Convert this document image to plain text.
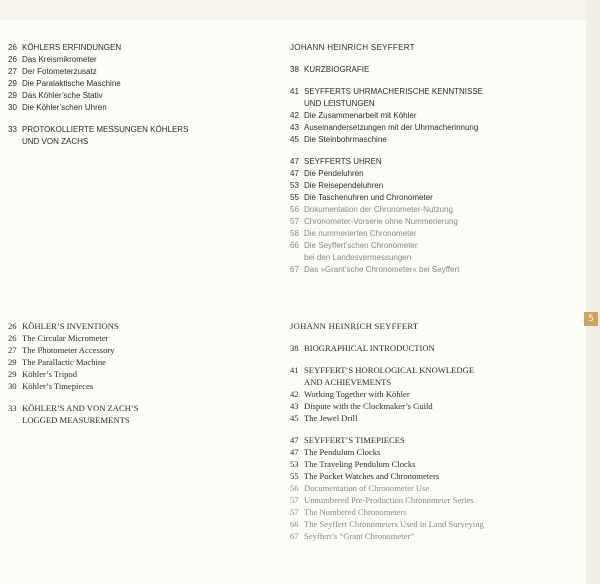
5
26 KÖHLERS ERFINDUNGEN
26 Das Kreismikrometer
27 Der Fotometerzusatz
29 Die Paralaktische Maschine
29 Das Köhler’sche Stativ
30 Die Köhler’schen Uhren
33 PROTOKOLLIERTE MESSUNGEN KÖHLERS
UND VON ZACHS
JOHANN HEINRICH SEYFFERT
38 KURZBIOGRAFIE
41 SEYFFERTS UHRMACHERISCHE KENNTNISSE
UND LEISTUNGEN
42 Die Zusammenarbeit mit Köhler
43 Auseinandersetzungen mit der Uhrmacherinnung
45 Die Steinbohrmaschine
47 SEYFFERTS UHREN
47 Die Pendeluhren
53 Die Reisependeluhren
55 Die Taschenuhren und Chronometer
56 Dokumentation der Chronometer-Nutzung
57 Chronometer-Vorserie ohne Nummerierung
58 Die nummerierten Chronometer
66 Die Seyffert’schen Chronometer
bei den Landesvermessungen
67 Das »Grant’sche Chronometer« bei Seyffert
26 KÖHLER’S INVENTIONS
26 The Circular Micrometer
27 The Photometer Accessory
29 The Parallactic Machine
29 Köhler’s Tripod
30 Köhler’s Timepieces
33 KÖHLER’S AND VON ZACH’S
LOGGED MEASUREMENTS
JOHANN HEINRICH SEYFFERT
38 BIOGRAPHICAL INTRODUCTION
41 SEYFFERT’S HOROLOGICAL KNOWLEDGE
AND ACHIEVEMENTS
42 Working Together with Köhler
43 Dispute with the Clockmaker’s Guild
45 The Jewel Drill
47 SEYFFERT’S TIMEPIECES
47 The Pendulum Clocks
53 The Traveling Pendulum Clocks
55 The Pocket Watches and Chronometers
56 Documentation of Chronometer Use
57 Unnumbered Pre-Production Chronometer Series
57 The Numbered Chronometers
66 The Seyffert Chronometers Used in Land Surveying
67 Seyffert’s “Grant Chronometer”
